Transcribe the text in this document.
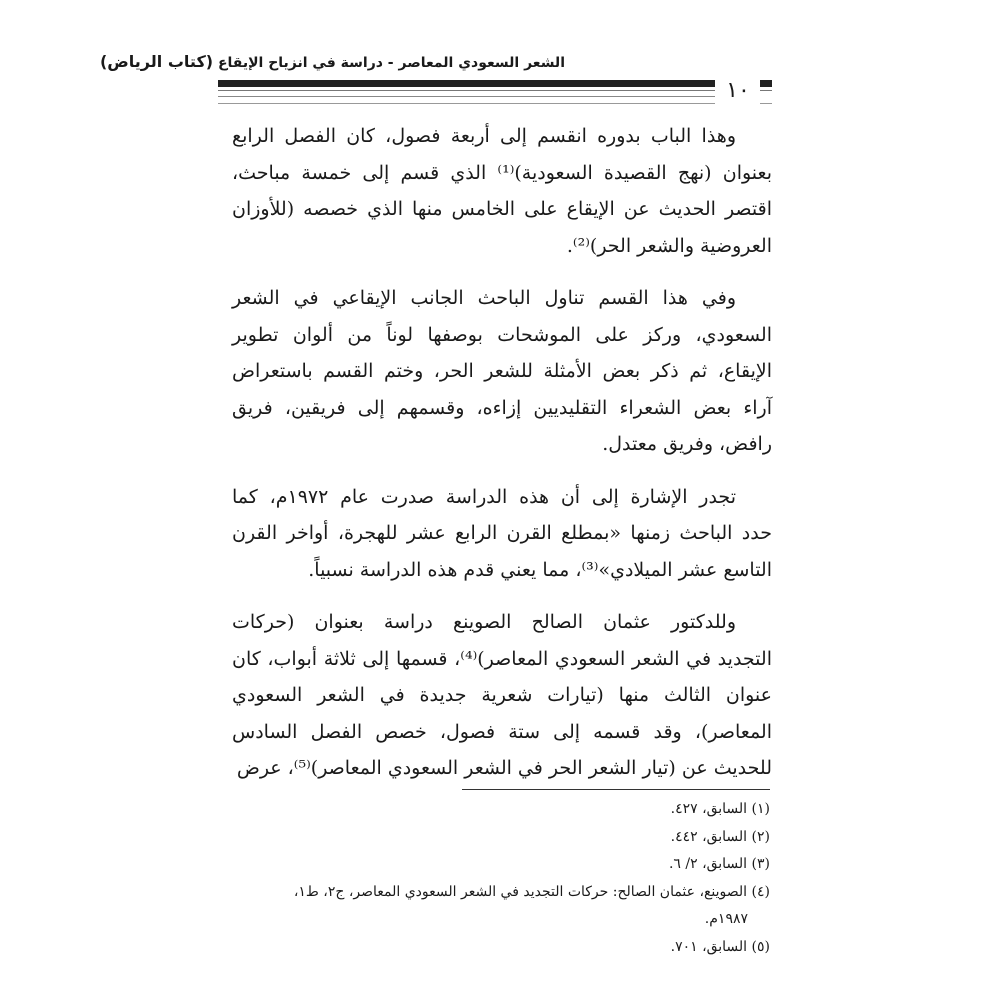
الشعر السعودي المعاصر - دراسة في انزياح الإيقاع (كتاب الرياض)
١٠
وهذا الباب بدوره انقسم إلى أربعة فصول، كان الفصل الرابع
بعنوان (نهج القصيدة السعودية)⁽¹⁾ الذي قسم إلى خمسة مباحث،
اقتصر الحديث عن الإيقاع على الخامس منها الذي خصصه (للأوزان
العروضية والشعر الحر)⁽²⁾.
وفي هذا القسم تناول الباحث الجانب الإيقاعي في الشعر
السعودي، وركز على الموشحات بوصفها لوناً من ألوان تطوير
الإيقاع، ثم ذكر بعض الأمثلة للشعر الحر، وختم القسم باستعراض
آراء بعض الشعراء التقليديين إزاءه، وقسمهم إلى فريقين، فريق
رافض، وفريق معتدل.
تجدر الإشارة إلى أن هذه الدراسة صدرت عام ١٩٧٢م، كما
حدد الباحث زمنها «بمطلع القرن الرابع عشر للهجرة، أواخر القرن
التاسع عشر الميلادي»⁽³⁾، مما يعني قدم هذه الدراسة نسبياً.
وللدكتور عثمان الصالح الصوينع دراسة بعنوان (حركات
التجديد في الشعر السعودي المعاصر)⁽⁴⁾، قسمها إلى ثلاثة أبواب، كان
عنوان الثالث منها (تيارات شعرية جديدة في الشعر السعودي
المعاصر)، وقد قسمه إلى ستة فصول، خصص الفصل السادس
للحديث عن (تيار الشعر الحر في الشعر السعودي المعاصر)⁽⁵⁾، عرض
(١) السابق، ٤٢٧.
(٢) السابق، ٤٤٢.
(٣) السابق، ٢/ ٦.
(٤) الصوينع، عثمان الصالح: حركات التجديد في الشعر السعودي المعاصر، ج٢، ط١،
١٩٨٧م.
(٥) السابق، ٧٠١.
